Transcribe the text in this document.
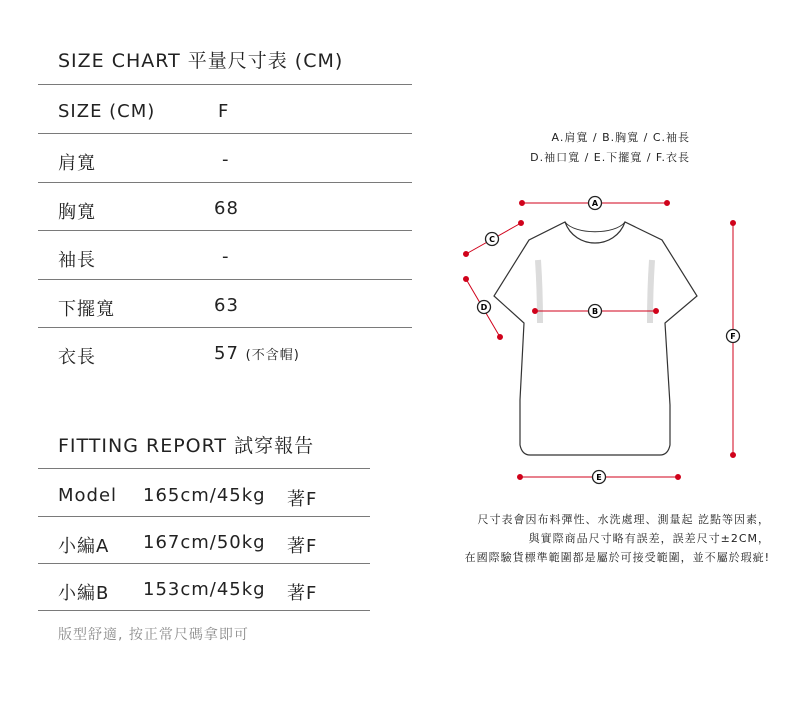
SIZE CHART 平量尺寸表 (CM)
SIZE (CM)	F
肩寬	-
胸寬	68
袖長	-
下擺寬	63
衣長	57 (不含帽)
FITTING REPORT 試穿報告
Model 165cm/45kg 著F
小編A 167cm/50kg 著F
小編B 153cm/45kg 著F
版型舒適, 按正常尺碼拿即可
A.肩寬 / B.胸寬 / C.袖長
D.袖口寬 / E.下擺寬 / F.衣長
A
B
C
D
E
F
尺寸表會因布料彈性、水洗處理、測量起 訖點等因素，
與實際商品尺寸略有誤差，誤差尺寸±2CM，
在國際驗貨標準範圍都是屬於可接受範圍，並不屬於瑕疵!
